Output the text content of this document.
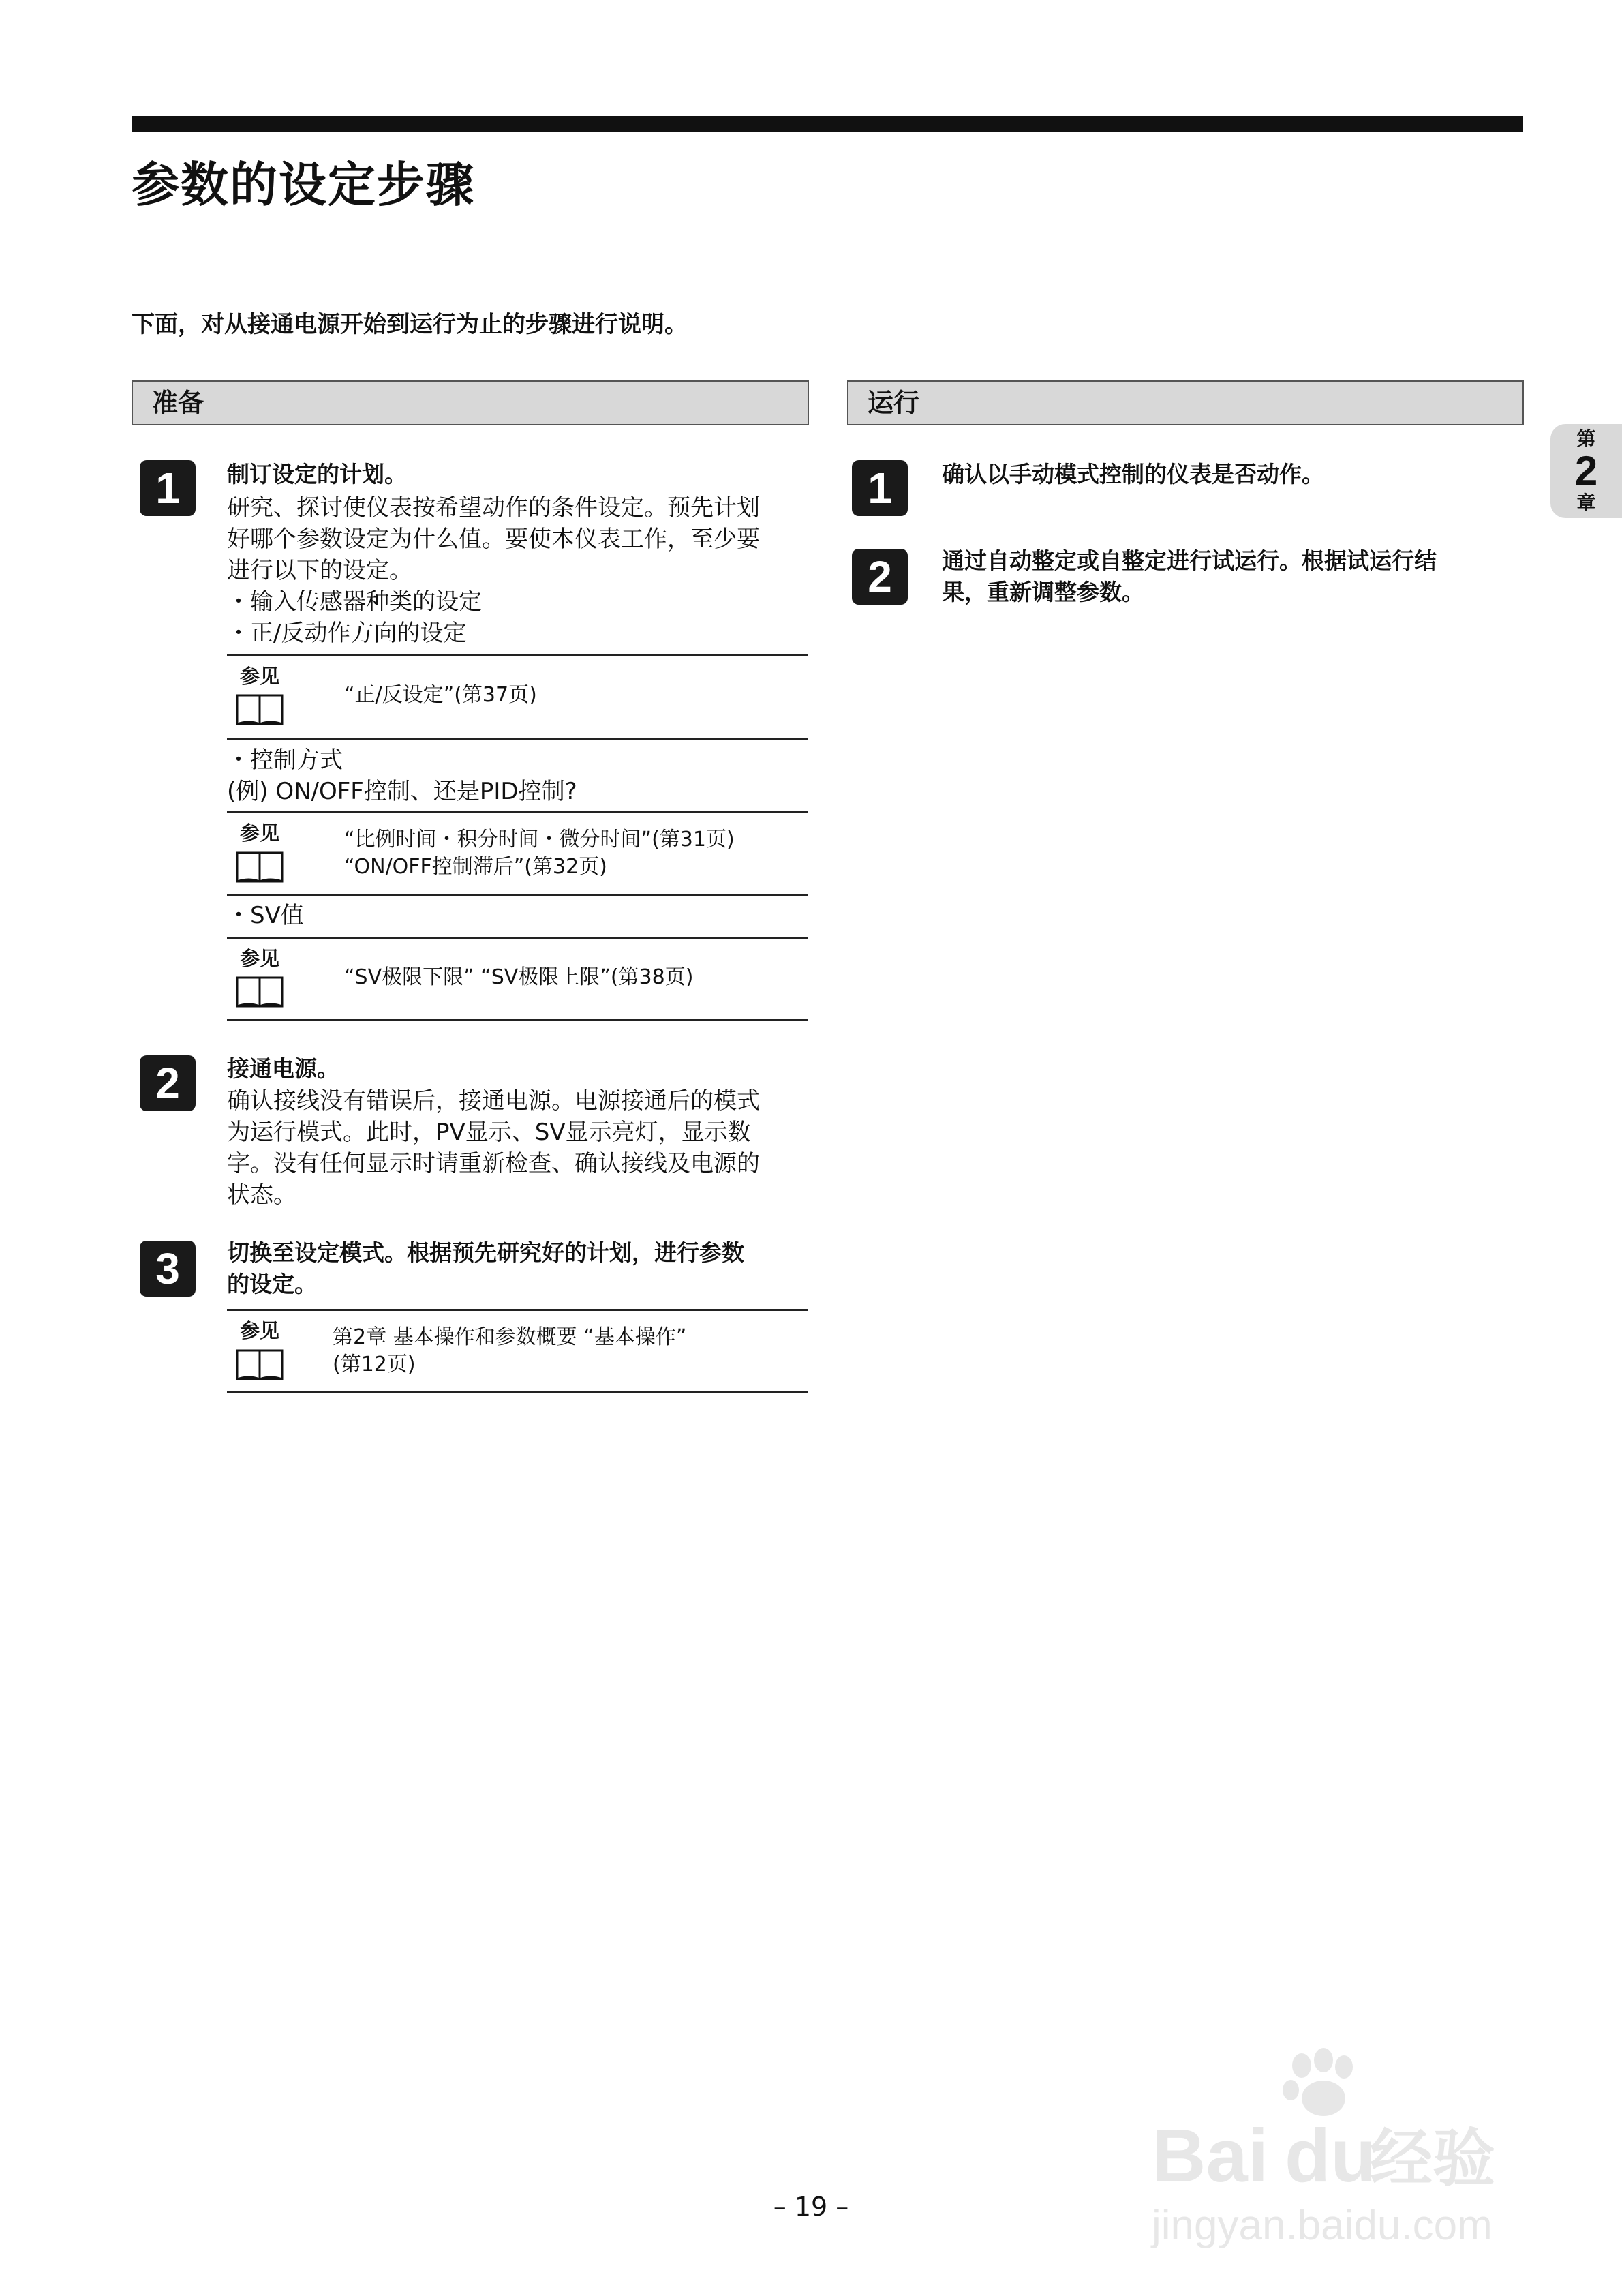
参数的设定步骤
下面，对从接通电源开始到运行为止的步骤进行说明。
第
2
章
准备
1	制订设定的计划。
研究、探讨使仪表按希望动作的条件设定。预先计划
好哪个参数设定为什么值。要使本仪表工作，至少要
进行以下的设定。
・输入传感器种类的设定
・正/反动作方向的设定
参见
“正/反设定”(第37页)
・控制方式
(例) ON/OFF控制、还是PID控制?
参见	“比例时间・积分时间・微分时间”(第31页)
“ON/OFF控制滞后”(第32页)
・SV值
参见
“SV极限下限” “SV极限上限”(第38页)
2	接通电源。
确认接线没有错误后，接通电源。电源接通后的模式
为运行模式。此时，PV显示、SV显示亮灯，显示数
字。没有任何显示时请重新检查、确认接线及电源的
状态。
3	切换至设定模式。根据预先研究好的计划，进行参数
的设定。
参见	第2章 基本操作和参数概要 “基本操作”
(第12页)
运行
1	确认以手动模式控制的仪表是否动作。
2	通过自动整定或自整定进行试运行。根据试运行结
果，重新调整参数。
– 19 –
Bai du
经验
jingyan.baidu.com
